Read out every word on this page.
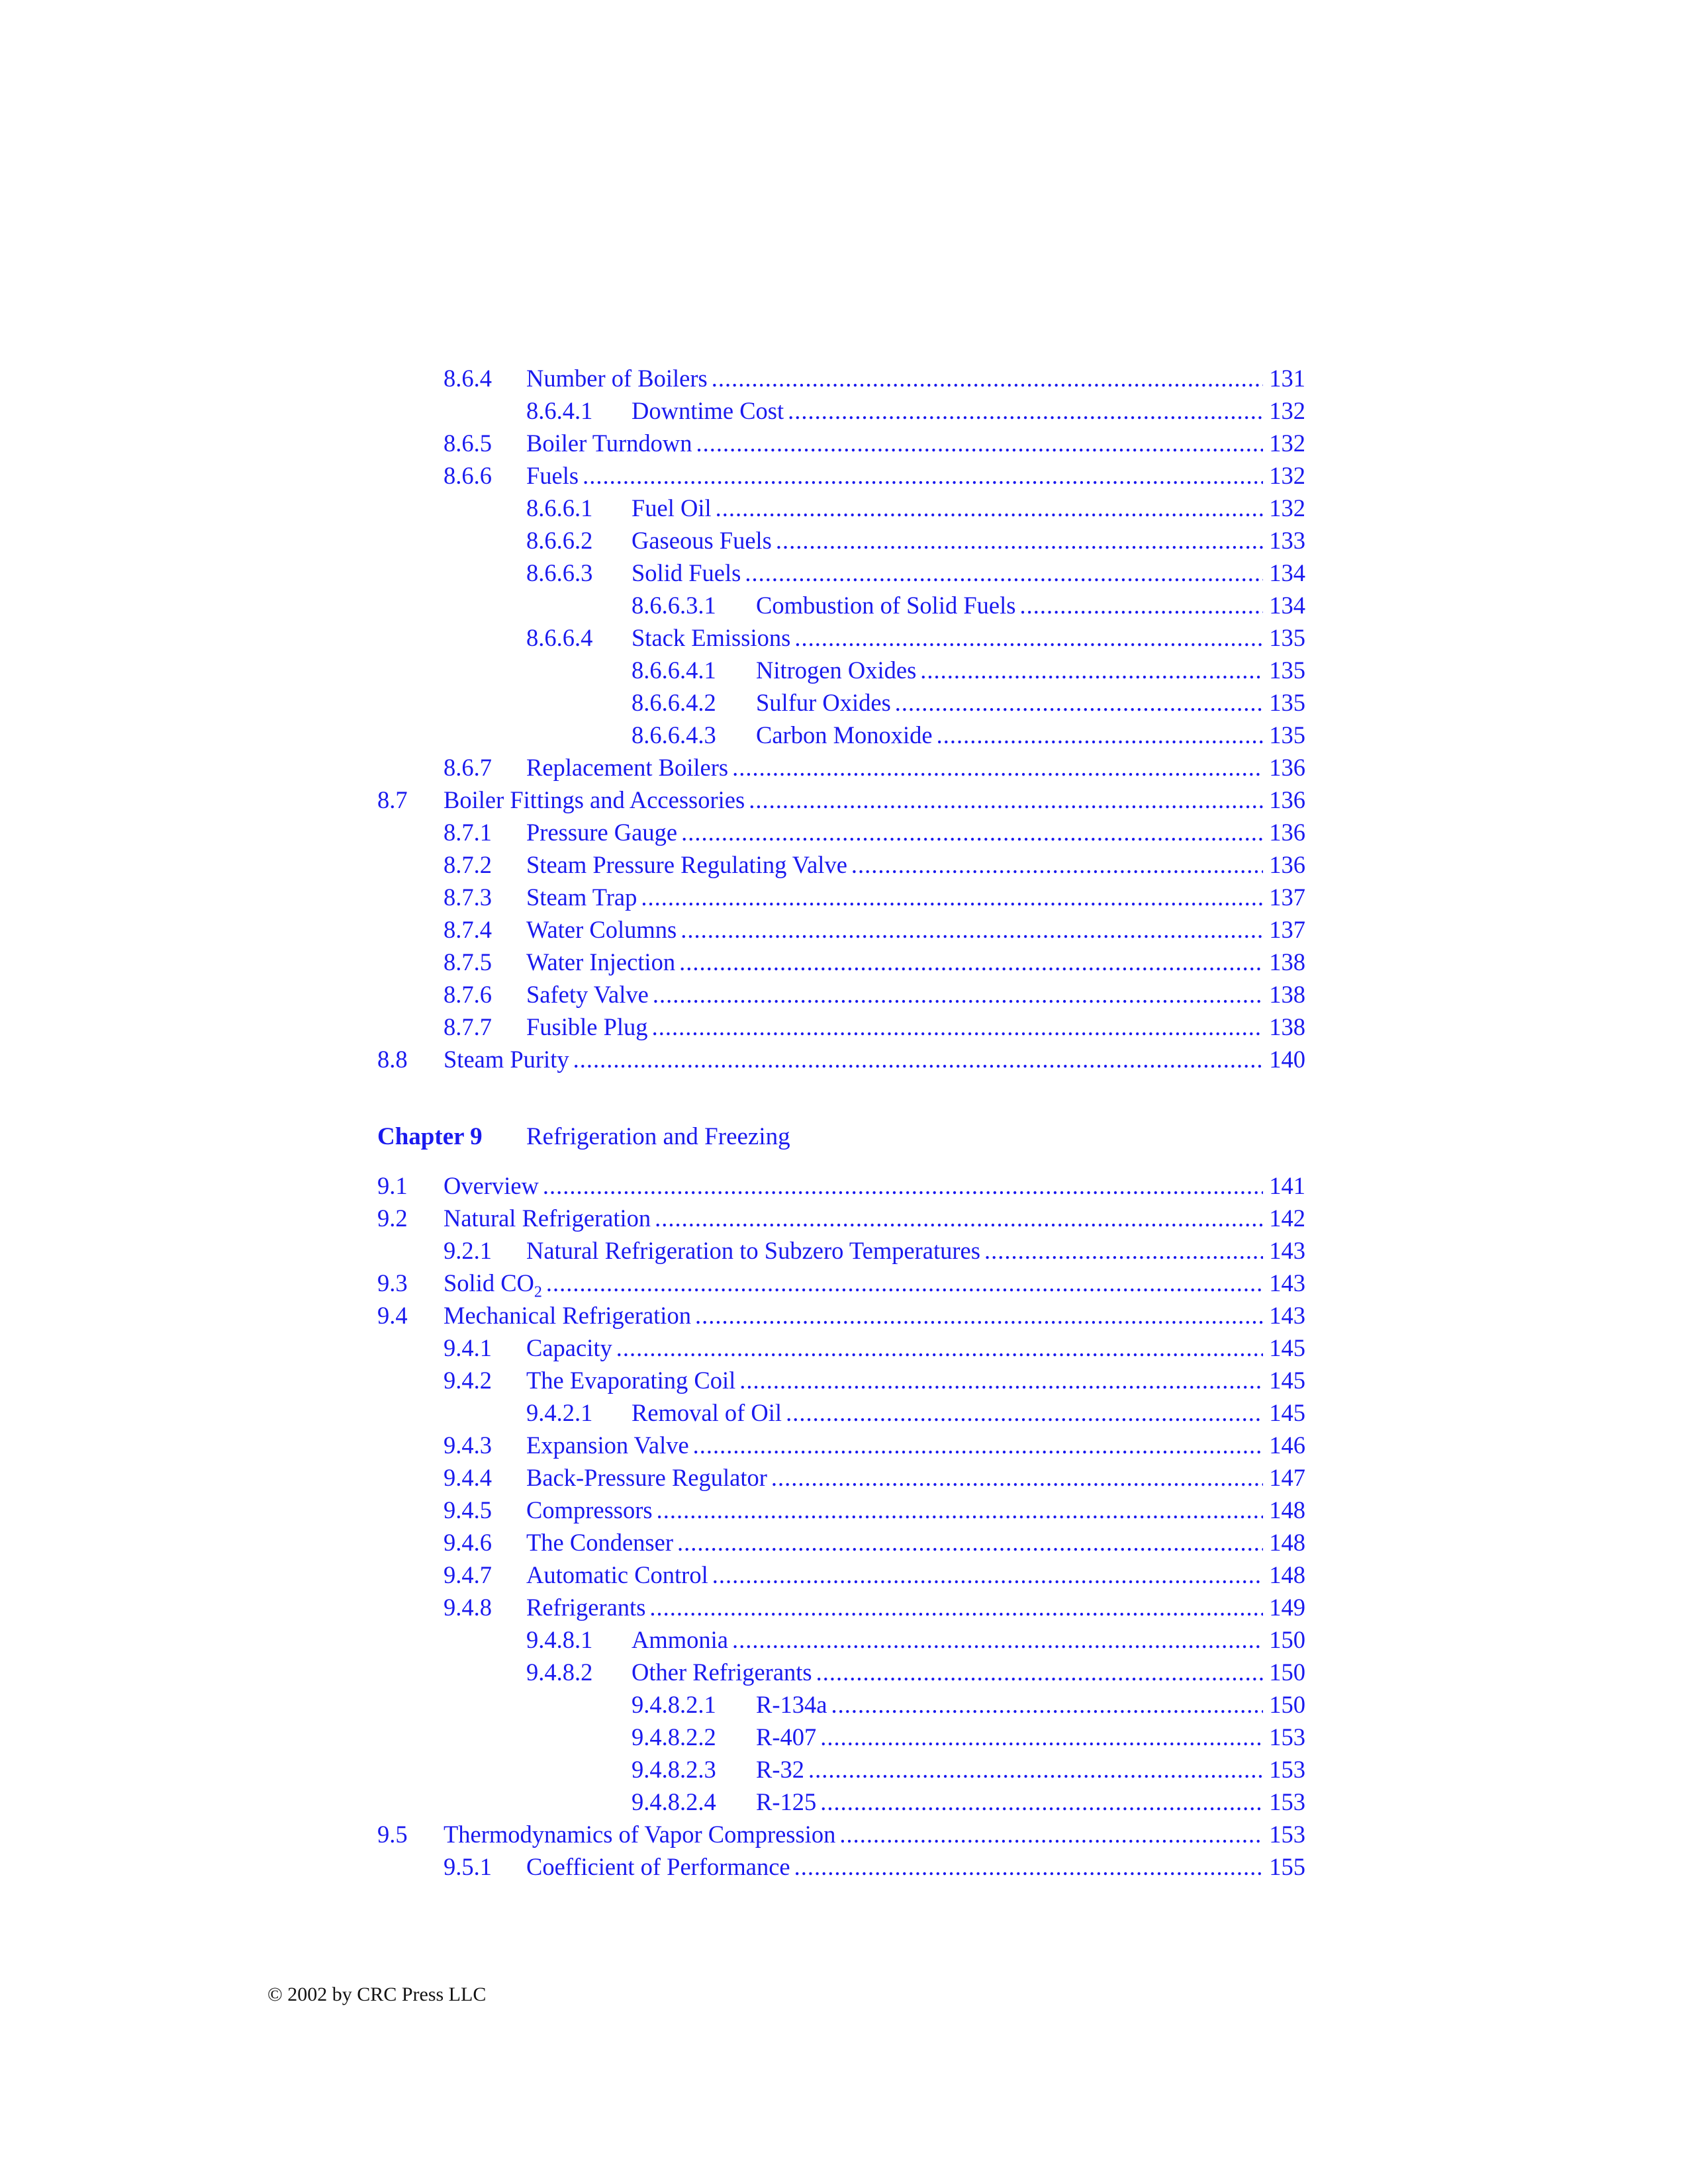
8.6.4 Number of Boilers .....	131
8.6.4.1 Downtime Cost .....	132
8.6.5 Boiler Turndown .....	132
8.6.6 Fuels .....	132
8.6.6.1 Fuel Oil .....	132
8.6.6.2 Gaseous Fuels .....	133
8.6.6.3 Solid Fuels .....	134
8.6.6.3.1 Combustion of Solid Fuels .....	134
8.6.6.4 Stack Emissions .....	135
8.6.6.4.1 Nitrogen Oxides .....	135
8.6.6.4.2 Sulfur Oxides .....	135
8.6.6.4.3 Carbon Monoxide .....	135
8.6.7 Replacement Boilers .....	136
8.7 Boiler Fittings and Accessories .....	136
8.7.1 Pressure Gauge .....	136
8.7.2 Steam Pressure Regulating Valve .....	136
8.7.3 Steam Trap .....	137
8.7.4 Water Columns .....	137
8.7.5 Water Injection .....	138
8.7.6 Safety Valve .....	138
8.7.7 Fusible Plug .....	138
8.8 Steam Purity .....	140
Chapter 9 Refrigeration and Freezing
9.1 Overview .....	141
9.2 Natural Refrigeration .....	142
9.2.1 Natural Refrigeration to Subzero Temperatures .....	143
9.3 Solid $CO_2$ .....	143
9.4 Mechanical Refrigeration .....	143
9.4.1 Capacity .....	145
9.4.2 The Evaporating Coil .....	145
9.4.2.1 Removal of Oil .....	145
9.4.3 Expansion Valve .....	146
9.4.4 Back-Pressure Regulator .....	147
9.4.5 Compressors .....	148
9.4.6 The Condenser .....	148
9.4.7 Automatic Control .....	148
9.4.8 Refrigerants .....	149
9.4.8.1 Ammonia .....	150
9.4.8.2 Other Refrigerants .....	150
9.4.8.2.1 R-134a .....	150
9.4.8.2.2 R-407 .....	153
9.4.8.2.3 R-32 .....	153
9.4.8.2.4 R-125 .....	153
9.5 Thermodynamics of Vapor Compression .....	153
9.5.1 Coefficient of Performance .....	155
© 2002 by CRC Press LLC
